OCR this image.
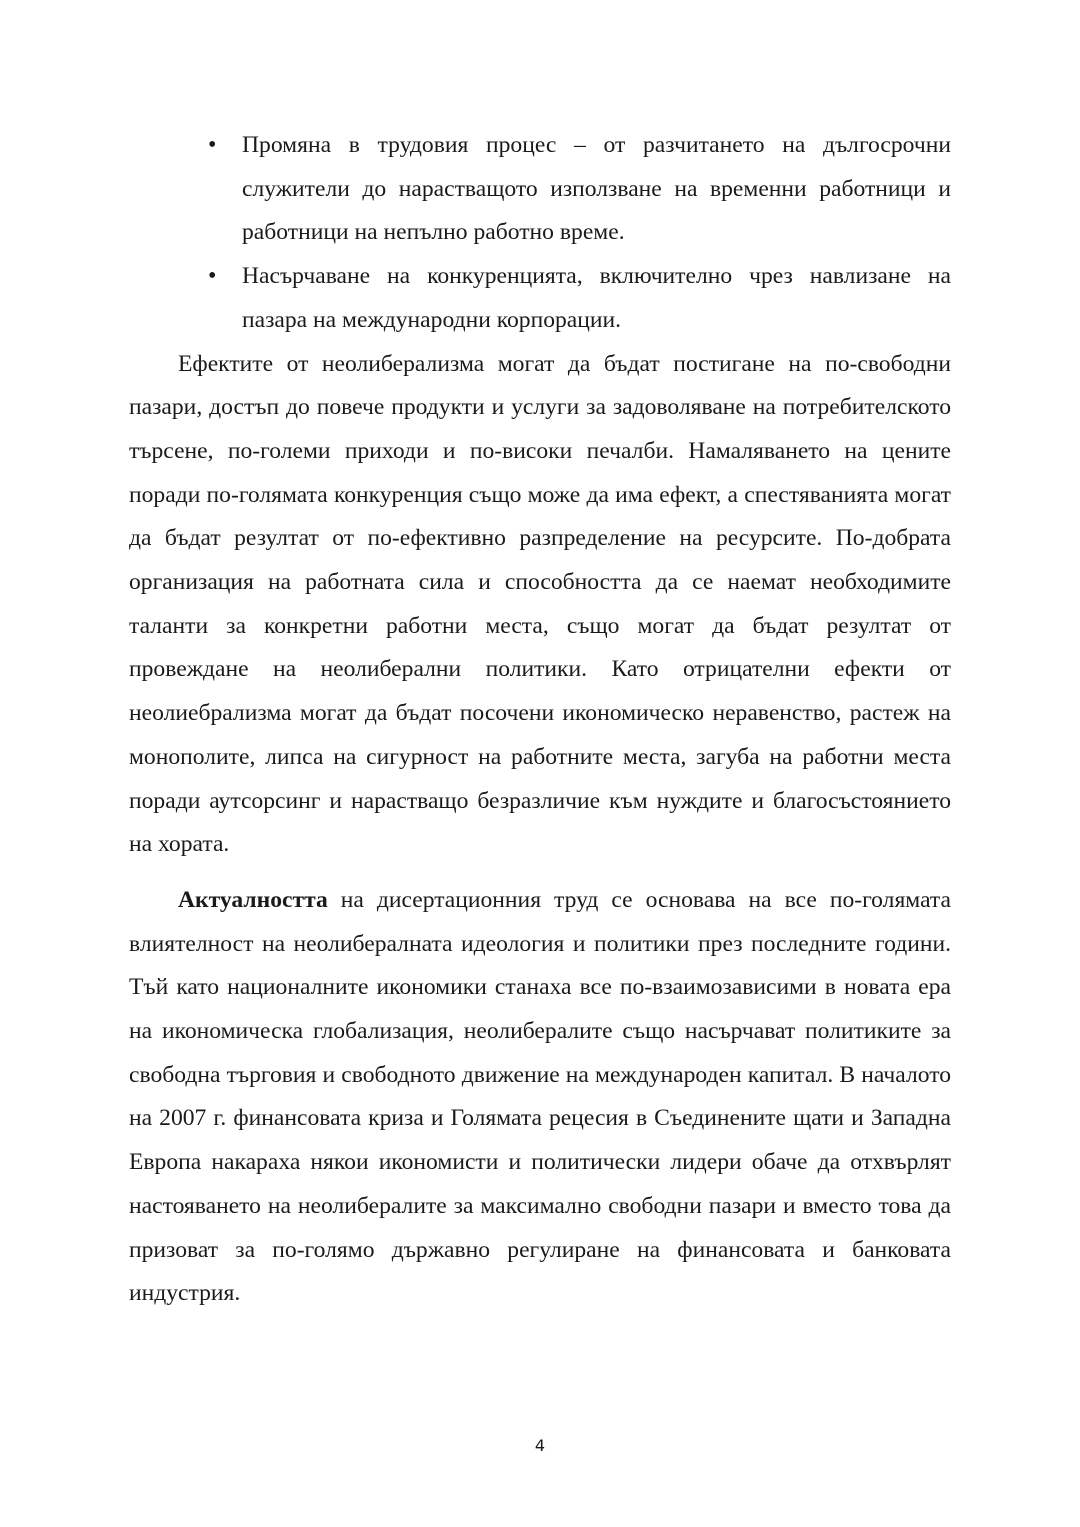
• Промяна в трудовия процес – от разчитането на дългосрочни служители до нарастващото използване на временни работници и работници на непълно работно време.
• Насърчаване на конкуренцията, включително чрез навлизане на пазара на международни корпорации.

Ефектите от неолиберализма могат да бъдат постигане на по-свободни пазари, достъп до повече продукти и услуги за задоволяване на потребителското търсене, по-големи приходи и по-високи печалби. Намаляването на цените поради по-голямата конкуренция също може да има ефект, а спестяванията могат да бъдат резултат от по-ефективно разпределение на ресурсите. По-добрата организация на работната сила и способността да се наемат необходимите таланти за конкретни работни места, също могат да бъдат резултат от провеждане на неолиберални политики. Като отрицателни ефекти от неолиебрализма могат да бъдат посочени икономическо неравенство, растеж на монополите, липса на сигурност на работните места, загуба на работни места поради аутсорсинг и нарастващо безразличие към нуждите и благосъстоянието на хората.

Актуалността на дисертационния труд се основава на все по-голямата влиятелност на неолибералната идеология и политики през последните години. Тъй като националните икономики станаха все по-взаимозависими в новата ера на икономическа глобализация, неолибералите също насърчават политиките за свободна търговия и свободното движение на международен капитал. В началото на 2007 г. финансовата криза и Голямата рецесия в Съединените щати и Западна Европа накараха някои икономисти и политически лидери обаче да отхвърлят настояването на неолибералите за максимално свободни пазари и вместо това да призоват за по-голямо държавно регулиране на финансовата и банковата индустрия.

4
